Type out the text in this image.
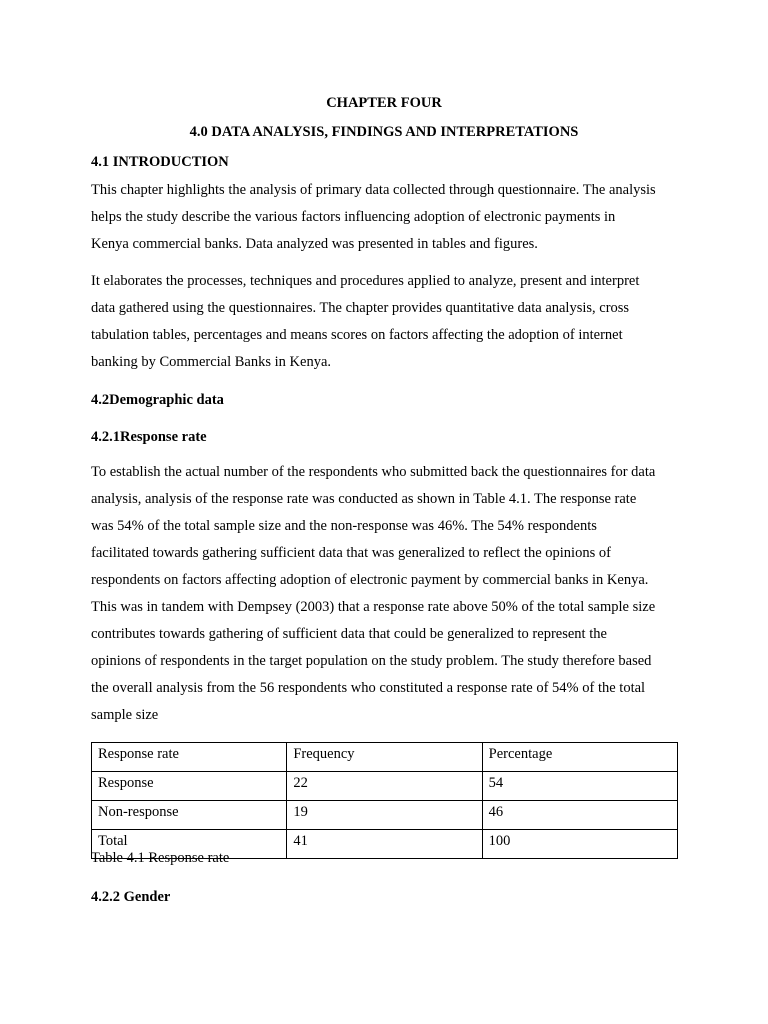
CHAPTER FOUR
4.0 DATA ANALYSIS, FINDINGS AND INTERPRETATIONS
4.1 INTRODUCTION
This chapter highlights the analysis of primary data collected through questionnaire. The analysis
helps the study describe the various factors influencing adoption of electronic payments in
Kenya commercial banks. Data analyzed was presented in tables and figures.
It elaborates the processes, techniques and procedures applied to analyze, present and interpret
data gathered using the questionnaires. The chapter provides quantitative data analysis, cross
tabulation tables, percentages and means scores on factors affecting the adoption of internet
banking by Commercial Banks in Kenya.
4.2Demographic data
4.2.1Response rate
To establish the actual number of the respondents who submitted back the questionnaires for data
analysis, analysis of the response rate was conducted as shown in Table 4.1. The response rate
was 54% of the total sample size and the non-response was 46%. The 54% respondents
facilitated towards gathering sufficient data that was generalized to reflect the opinions of
respondents on factors affecting adoption of electronic payment by commercial banks in Kenya.
This was in tandem with Dempsey (2003) that a response rate above 50% of the total sample size
contributes towards gathering of sufficient data that could be generalized to represent the
opinions of respondents in the target population on the study problem. The study therefore based
the overall analysis from the 56 respondents who constituted a response rate of 54% of the total
sample size
Response rate	Frequency	Percentage
Response	22	54
Non-response	19	46
Total	41	100
Table 4.1 Response rate
4.2.2 Gender
